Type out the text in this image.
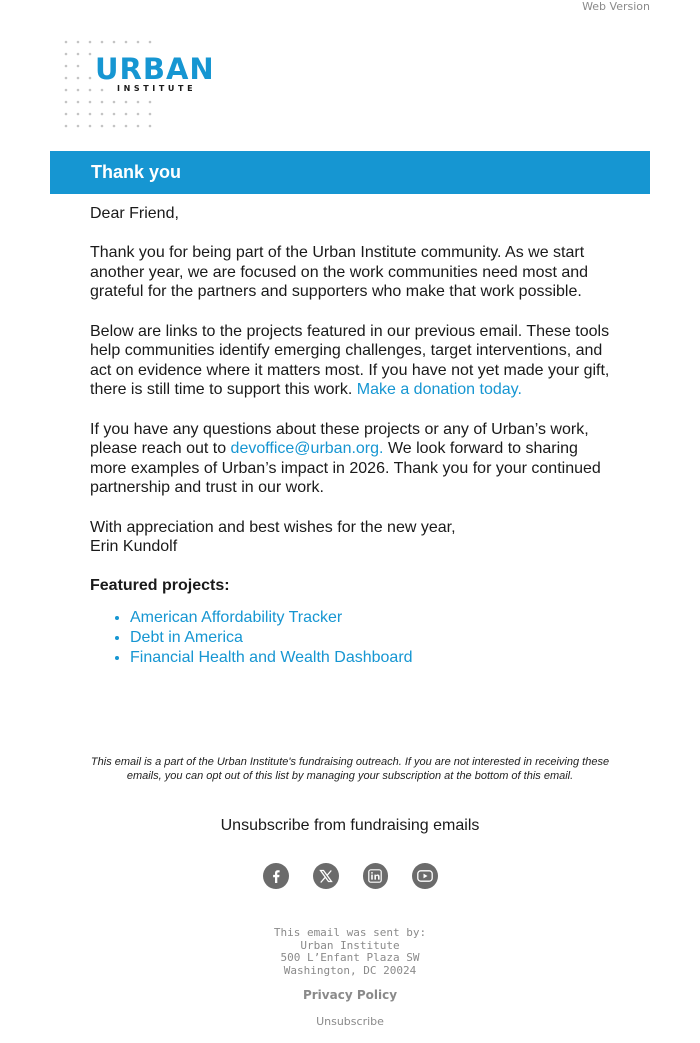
Web Version
URBAN
INSTITUTE
Thank you

Dear Friend,

Thank you for being part of the Urban Institute community. As we start another year, we are focused on the work communities need most and grateful for the partners and supporters who make that work possible.

Below are links to the projects featured in our previous email. These tools help communities identify emerging challenges, target interventions, and act on evidence where it matters most. If you have not yet made your gift, there is still time to support this work. Make a donation today.

If you have any questions about these projects or any of Urban’s work, please reach out to devoffice@urban.org. We look forward to sharing more examples of Urban’s impact in 2026. Thank you for your continued partnership and trust in our work.

With appreciation and best wishes for the new year,

Erin Kundolf

Featured projects:

• American Affordability Tracker
• Debt in America
• Financial Health and Wealth Dashboard
This email is a part of the Urban Institute's fundraising outreach. If you are not interested in receiving these emails, you can opt out of this list by managing your subscription at the bottom of this email.
Unsubscribe from fundraising emails
This email was sent by:
Urban Institute
500 L’Enfant Plaza SW
Washington, DC 20024
Privacy Policy
Unsubscribe
